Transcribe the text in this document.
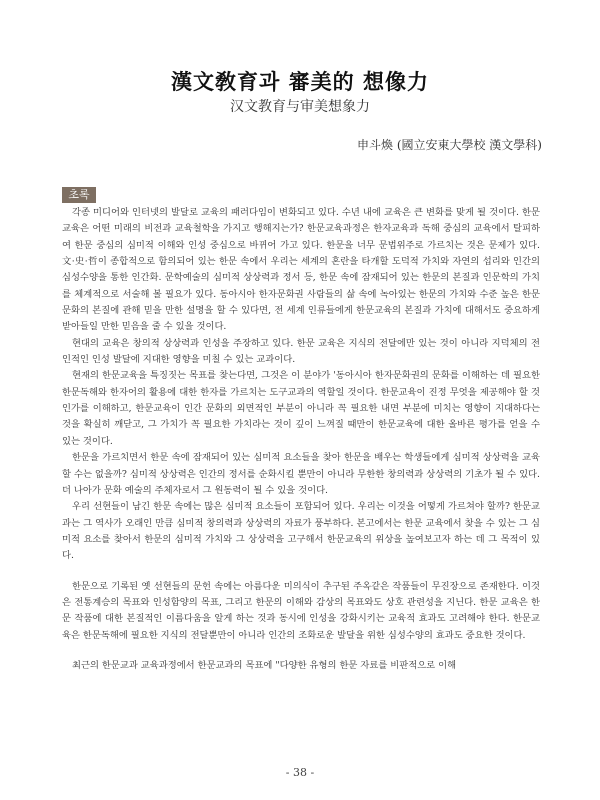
漢文敎育과 審美的 想像力
汉文教育与审美想象力
申斗煥 (國立安東大學校 漢文學科)
초록

각종 미디어와 인터넷의 발달로 교육의 패러다임이 변화되고 있다. 수년 내에 교육은 큰 변화를 맞게 될 것이다. 한문교육은 어떤 미래의 비전과 교육철학을 가지고 행해지는가? 한문교육과정은 한자교육과 독해 중심의 교육에서 탈피하여 한문 중심의 심미적 이해와 인성 중심으로 바뀌어 가고 있다. 한문을 너무 문법위주로 가르치는 것은 문제가 있다. 文·史·哲이 종합적으로 함의되어 있는 한문 속에서 우리는 세계의 혼란을 타개할 도덕적 가치와 자연의 섭리와 인간의 심성수양을 통한 인간화. 문학예술의 심미적 상상력과 정서 등, 한문 속에 잠재되어 있는 한문의 본질과 인문학의 가치를 체계적으로 서술해 볼 필요가 있다. 동아시아 한자문화권 사람들의 삶 속에 녹아있는 한문의 가치와 수준 높은 한문문화의 본질에 관해 믿을 만한 설명을 할 수 있다면, 전 세계 인류들에게 한문교육의 본질과 가치에 대해서도 중요하게 받아들일 만한 믿음을 줄 수 있을 것이다.

현대의 교육은 창의적 상상력과 인성을 주장하고 있다. 한문 교육은 지식의 전달에만 있는 것이 아니라 지덕체의 전인적인 인성 발달에 지대한 영향을 미칠 수 있는 교과이다.

현재의 한문교육을 특징짓는 목표를 찾는다면, 그것은 이 분야가 '동아시아 한자문화권의 문화를 이해하는 데 필요한 한문독해와 한자어의 활용에 대한 한자를 가르치는 도구교과의 역할일 것이다. 한문교육이 진정 무엇을 제공해야 할 것인가를 이해하고, 한문교육이 인간 문화의 외면적인 부분이 아니라 꼭 필요한 내면 부분에 미치는 영향이 지대하다는 것을 확실히 깨닫고, 그 가치가 꼭 필요한 가치라는 것이 깊이 느껴질 때만이 한문교육에 대한 올바른 평가를 얻을 수 있는 것이다.

한문을 가르치면서 한문 속에 잠재되어 있는 심미적 요소들을 찾아 한문을 배우는 학생들에게 심미적 상상력을 교육할 수는 없을까? 심미적 상상력은 인간의 정서를 순화시킬 뿐만이 아니라 무한한 창의력과 상상력의 기초가 될 수 있다. 더 나아가 문화 예술의 주체자로서 그 원동력이 될 수 있을 것이다.

우리 선현들이 남긴 한문 속에는 많은 심미적 요소들이 포함되어 있다. 우리는 이것을 어떻게 가르쳐야 할까? 한문교과는 그 역사가 오래인 만큼 심미적 창의력과 상상력의 자료가 풍부하다. 본고에서는 한문 교육에서 찾을 수 있는 그 심미적 요소를 찾아서 한문의 심미적 가치와 그 상상력을 고구해서 한문교육의 위상을 높여보고자 하는 데 그 목적이 있다.

한문으로 기록된 옛 선현들의 문헌 속에는 아름다운 미의식이 추구된 주옥같은 작품들이 무진장으로 존재한다. 이것은 전통계승의 목표와 인성함양의 목표, 그리고 한문의 이해와 감상의 목표와도 상호 관련성을 지닌다. 한문 교육은 한문 작품에 대한 본질적인 이름다움을 알게 하는 것과 동시에 인성을 강화시키는 교육적 효과도 고려해야 한다. 한문교육은 한문독해에 필요한 지식의 전달뿐만이 아니라 인간의 조화로운 발달을 위한 심성수양의 효과도 중요한 것이다.

최근의 한문교과 교육과정에서 한문교과의 목표에 "다양한 유형의 한문 자료를 비판적으로 이해

- 38 -
